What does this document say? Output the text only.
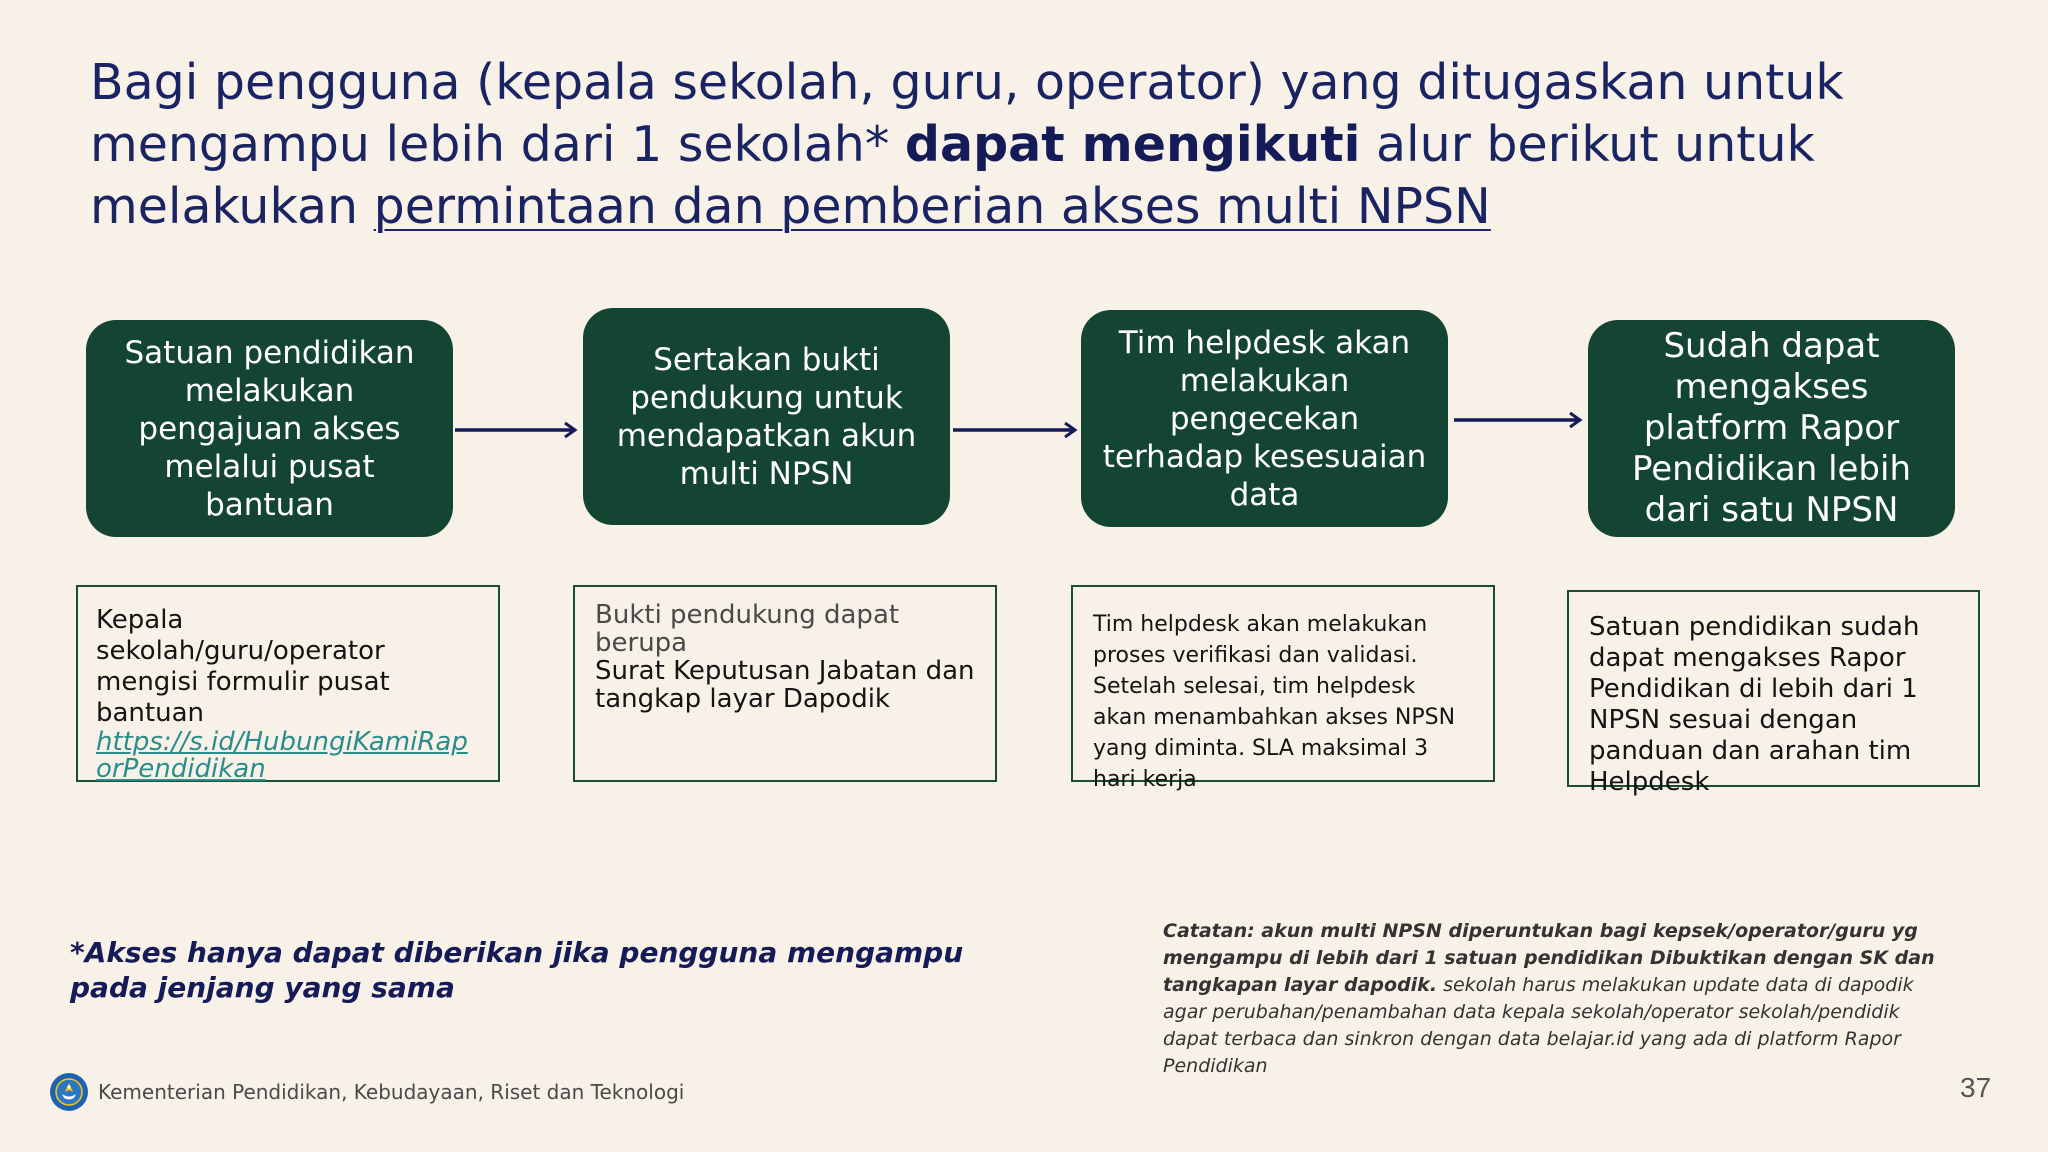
Bagi pengguna (kepala sekolah, guru, operator) yang ditugaskan untuk mengampu lebih dari 1 sekolah* dapat mengikuti alur berikut untuk melakukan permintaan dan pemberian akses multi NPSN
Satuan pendidikan melakukan pengajuan akses melalui pusat bantuan
Sertakan bukti pendukung untuk mendapatkan akun multi NPSN
Tim helpdesk akan melakukan pengecekan terhadap kesesuaian data
Sudah dapat mengakses platform Rapor Pendidikan lebih dari satu NPSN
Kepala sekolah/guru/operator mengisi formulir pusat bantuan
https://s.id/HubungiKamiRaporPendidikan
Bukti pendukung dapat berupa
Surat Keputusan Jabatan dan tangkap layar Dapodik
Tim helpdesk akan melakukan proses verifikasi dan validasi. Setelah selesai, tim helpdesk akan menambahkan akses NPSN yang diminta. SLA maksimal 3 hari kerja
Satuan pendidikan sudah dapat mengakses Rapor Pendidikan di lebih dari 1 NPSN sesuai dengan panduan dan arahan tim Helpdesk
*Akses hanya dapat diberikan jika pengguna mengampu pada jenjang yang sama
Catatan: akun multi NPSN diperuntukan bagi kepsek/operator/guru yg mengampu di lebih dari 1 satuan pendidikan Dibuktikan dengan SK dan tangkapan layar dapodik. sekolah harus melakukan update data di dapodik agar perubahan/penambahan data kepala sekolah/operator sekolah/pendidik dapat terbaca dan sinkron dengan data belajar.id yang ada di platform Rapor Pendidikan
Kementerian Pendidikan, Kebudayaan, Riset dan Teknologi	37
